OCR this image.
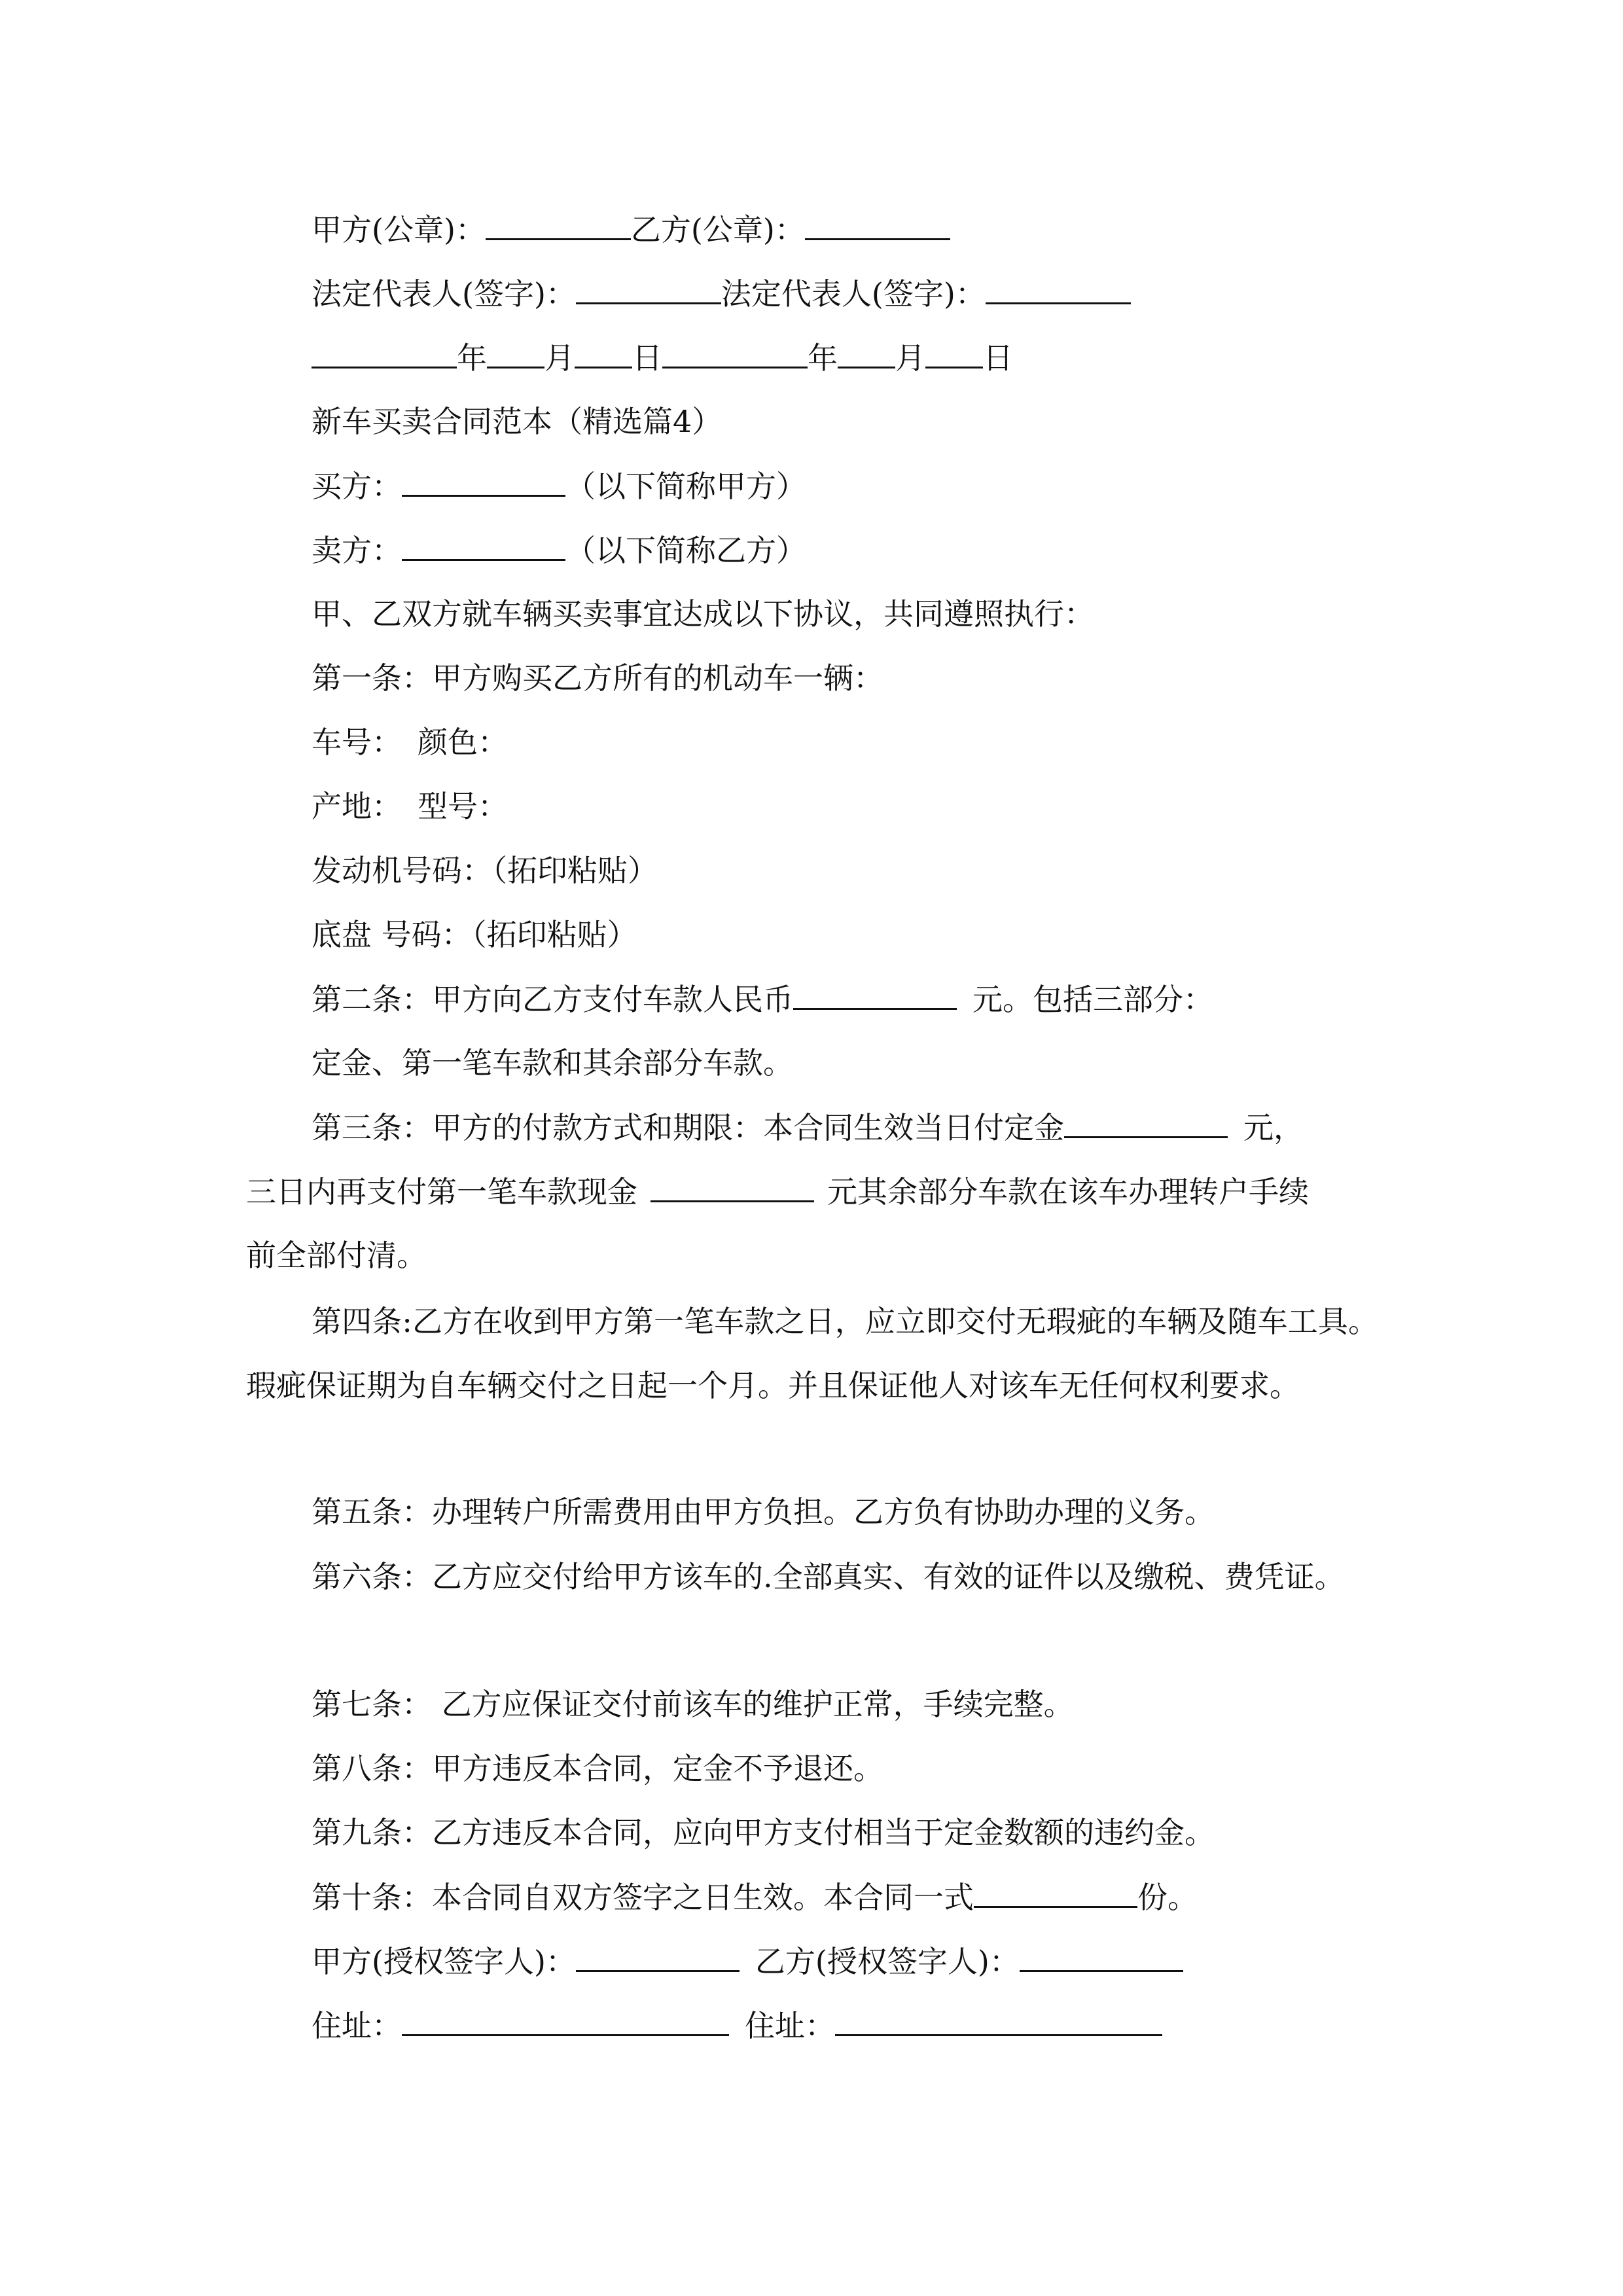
甲方(公章)：	乙方(公章)：
法定代表人(签字)：	法定代表人(签字)：
年 月 日	年 月 日
新车买卖合同范本（精选篇4）
买方：	（以下简称甲方）
卖方：	（以下简称乙方）
甲、乙双方就车辆买卖事宜达成以下协议，共同遵照执行：
第一条：甲方购买乙方所有的机动车一辆：
车号： 颜色：
产地： 型号：
发动机号码：（拓印粘贴）
底盘 号码：（拓印粘贴）
第二条：甲方向乙方支付车款人民币	元。包括三部分：
定金、第一笔车款和其余部分车款。
第三条：甲方的付款方式和期限：本合同生效当日付定金	元，
三日内再支付第一笔车款现金	元其余部分车款在该车办理转户手续
前全部付清。
第四条:乙方在收到甲方第一笔车款之日，应立即交付无瑕疵的车辆及随车工具。瑕疵保证期为自车辆交付之日起一个月。并且保证他人对该车无任何权利要求。
第五条：办理转户所需费用由甲方负担。乙方负有协助办理的义务。
第六条：乙方应交付给甲方该车的.全部真实、有效的证件以及缴税、费凭证。
第七条： 乙方应保证交付前该车的维护正常，手续完整。
第八条：甲方违反本合同，定金不予退还。
第九条：乙方违反本合同，应向甲方支付相当于定金数额的违约金。
第十条：本合同自双方签字之日生效。本合同一式	份。
甲方(授权签字人)：	乙方(授权签字人)：
住址：	住址：
